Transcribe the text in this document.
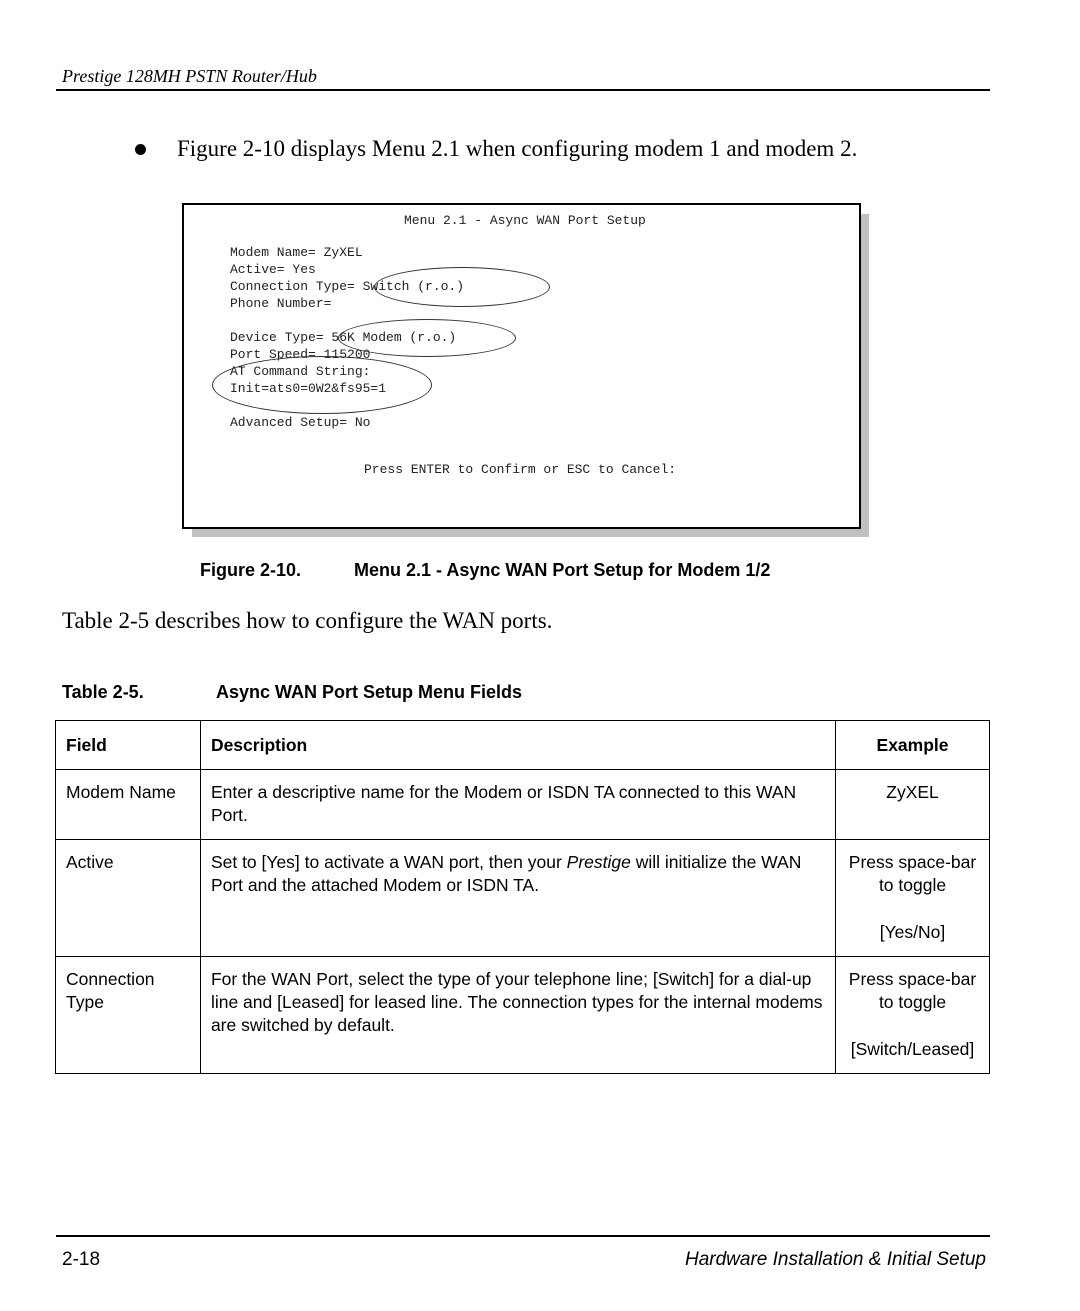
Prestige 128MH PSTN Router/Hub
Figure 2-10 displays Menu 2.1 when configuring modem 1 and modem 2.
Menu 2.1 - Async WAN Port Setup
Modem Name= ZyXEL
Active= Yes
Connection Type= Switch (r.o.)
Phone Number=
Device Type= 56K Modem (r.o.)
Port Speed= 115200
AT Command String:
Init=ats0=0W2&fs95=1
Advanced Setup= No
Press ENTER to Confirm or ESC to Cancel:
Figure 2-10.	Menu 2.1 - Async WAN Port Setup for Modem 1/2
Table 2-5 describes how to configure the WAN ports.
Table 2-5.	Async WAN Port Setup Menu Fields
Field	Description	Example
Modem Name	Enter a descriptive name for the Modem or ISDN TA connected to this WAN Port.	ZyXEL
Active	Set to [Yes] to activate a WAN port, then your Prestige will initialize the WAN Port and the attached Modem or ISDN TA.	Press space-bar to toggle
[Yes/No]
Connection Type	For the WAN Port, select the type of your telephone line; [Switch] for a dial-up line and [Leased] for leased line. The connection types for the internal modems are switched by default.	Press space-bar to toggle
[Switch/Leased]
2-18	Hardware Installation & Initial Setup
